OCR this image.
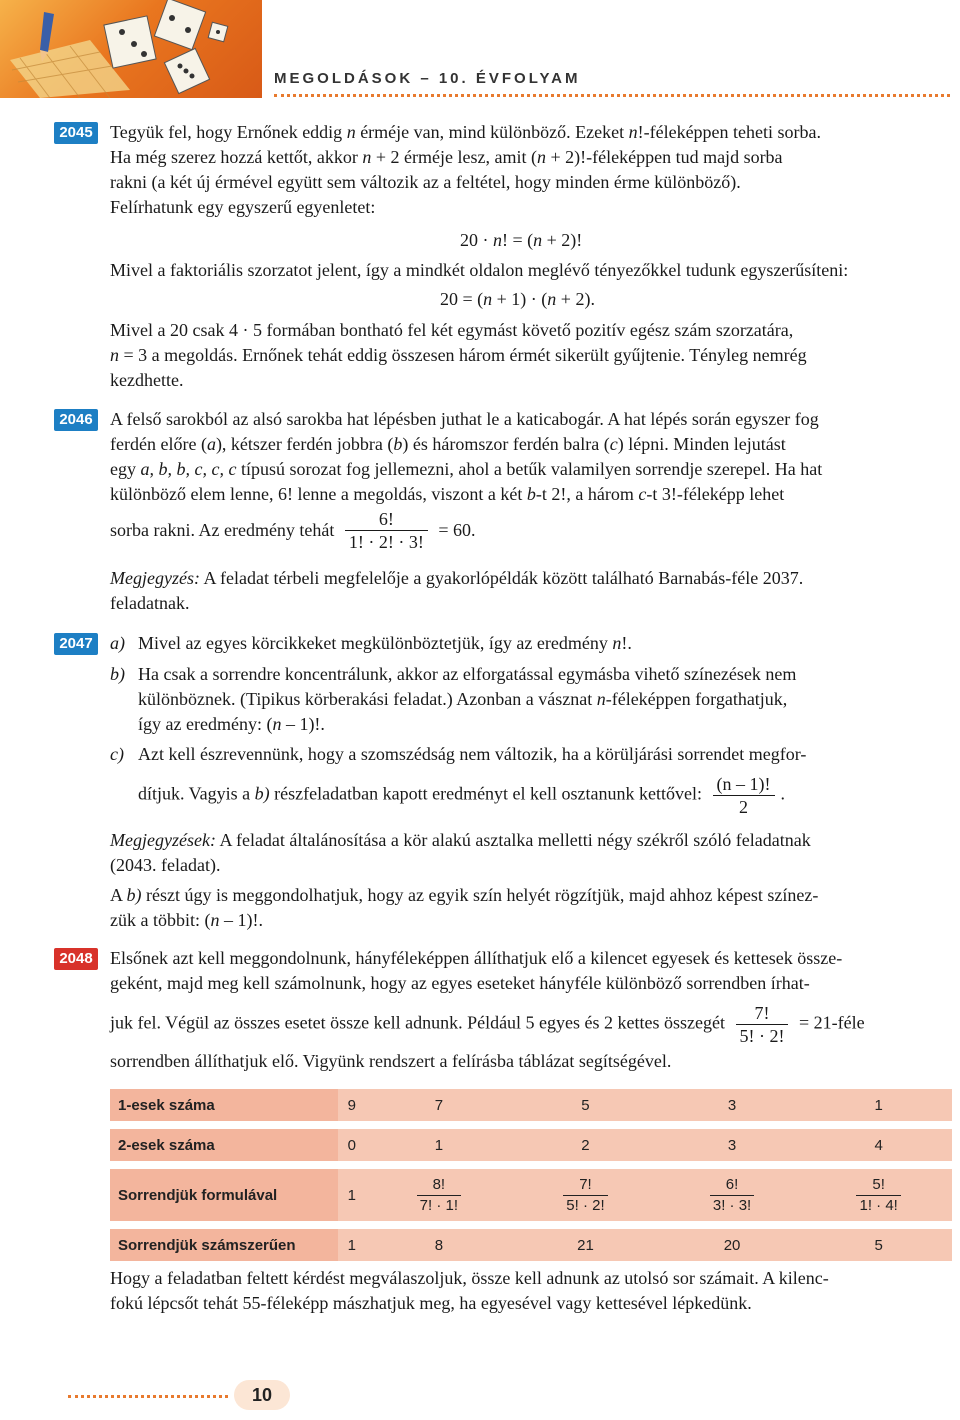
MEGOLDÁSOK – 10. ÉVFOLYAM
2045 Tegyük fel, hogy Ernőnek eddig n érméje van, mind különböző. Ezeket n!-féleképpen teheti sorba.
Ha még szerez hozzá kettőt, akkor n + 2 érméje lesz, amit (n + 2)!-féleképpen tud majd sorba
rakni (a két új érmével együtt sem változik az a feltétel, hogy minden érme különböző).
Felírhatunk egy egyszerű egyenletet:
20 · n! = (n + 2)!
Mivel a faktoriális szorzatot jelent, így a mindkét oldalon meglévő tényezőkkel tudunk egyszerűsíteni:
20 = (n + 1) · (n + 2).
Mivel a 20 csak 4 · 5 formában bontható fel két egymást követő pozitív egész szám szorzatára,
n = 3 a megoldás. Ernőnek tehát eddig összesen három érmét sikerült gyűjtenie. Tényleg nemrég
kezdhette.
2046 A felső sarokból az alsó sarokba hat lépésben juthat le a katicabogár. A hat lépés során egyszer fog
ferdén előre (a), kétszer ferdén jobbra (b) és háromszor ferdén balra (c) lépni. Minden lejutást
egy a, b, b, c, c, c típusú sorozat fog jellemezni, ahol a betűk valamilyen sorrendje szerepel. Ha hat
különböző elem lenne, 6! lenne a megoldás, viszont a két b-t 2!, a három c-t 3!-féleképp lehet
sorba rakni. Az eredmény tehát $\frac{6!}{1! \cdot 2! \cdot 3!} = 60$.
Megjegyzés: A feladat térbeli megfelelője a gyakorlópéldák között található Barnabás-féle 2037.
feladatnak.
2047 a) Mivel az egyes körcikkeket megkülönböztetjük, így az eredmény n!.
b) Ha csak a sorrendre koncentrálunk, akkor az elforgatással egymásba vihető színezések nem
különböznek. (Tipikus körberakási feladat.) Azonban a vásznat n-féleképpen forgathatjuk,
így az eredmény: (n – 1)!.
c) Azt kell észrevennünk, hogy a szomszédság nem változik, ha a körüljárási sorrendet megfor-
dítjuk. Vagyis a b) részfeladatban kapott eredményt el kell osztanunk kettővel: $\frac{(n - 1)!}{2}$ .
Megjegyzések: A feladat általánosítása a kör alakú asztalka melletti négy székről szóló feladatnak
(2043. feladat).
A b) részt úgy is meggondolhatjuk, hogy az egyik szín helyét rögzítjük, majd ahhoz képest színez-
zük a többit: (n – 1)!.
2048 Elsőnek azt kell meggondolnunk, hányféleképpen állíthatjuk elő a kilencet egyesek és kettesek össze-
geként, majd meg kell számolnunk, hogy az egyes eseteket hányféle különböző sorrendben írhat-
juk fel. Végül az összes esetet össze kell adnunk. Például 5 egyes és 2 kettes összegét $\frac{7!}{5! \cdot 2!}$ = 21-féle
sorrendben állíthatjuk elő. Vigyünk rendszert a felírásba táblázat segítségével.
1-esek száma	9	7	5	3	1
2-esek száma	0	1	2	3	4
Sorrendjük formulával	1	$\frac{8!}{7! \cdot 1!}$	$\frac{7!}{5! \cdot 2!}$	$\frac{6!}{3! \cdot 3!}$	$\frac{5!}{1! \cdot 4!}$

Sorrendjük számszerűen	1	8	21	20	5
Hogy a feladatban feltett kérdést megválaszoljuk, össze kell adnunk az utolsó sor számait. A kilenc-
fokú lépcsőt tehát 55-féleképp mászhatjuk meg, ha egyesével vagy kettesével lépkedünk.
10
